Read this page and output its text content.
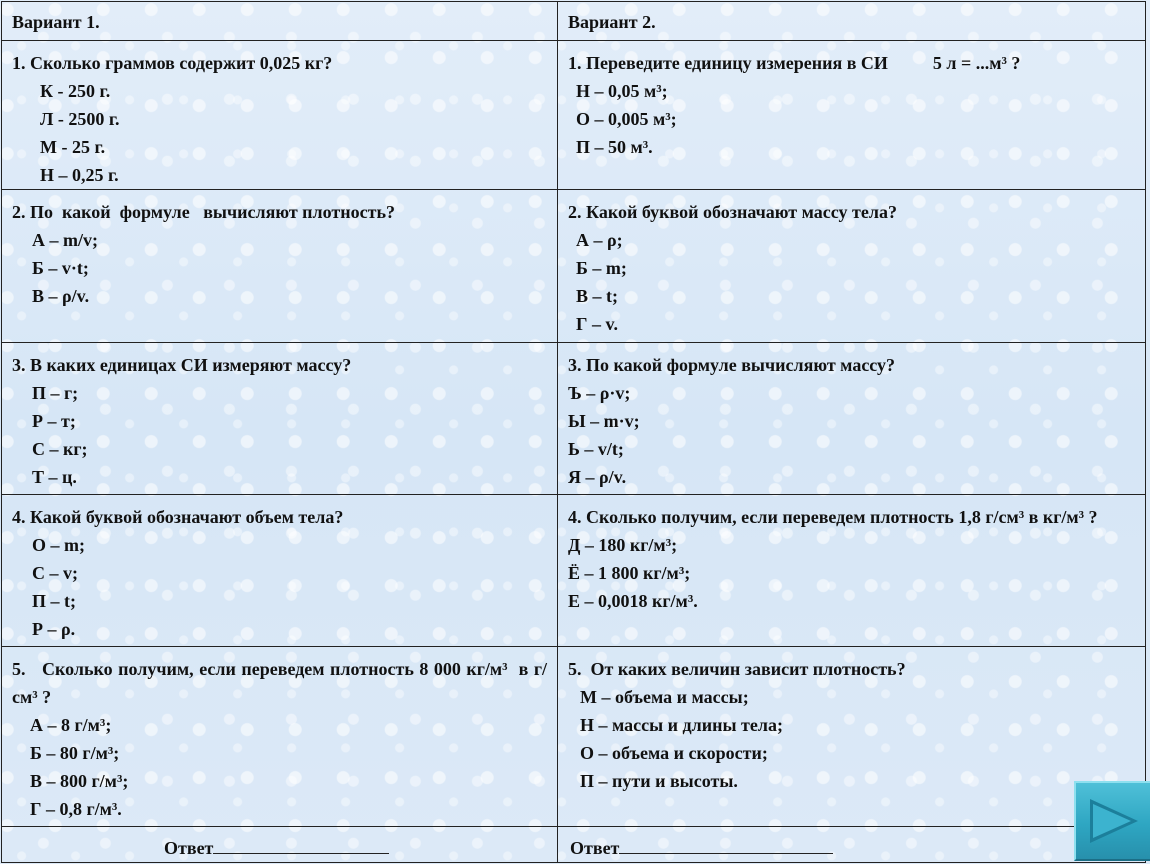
Вариант 1.	Вариант 2.
1. Сколько граммов содержит 0,025 кг?
К - 250 г.
Л - 2500 г.
М - 25 г.
Н – 0,25 г.
1. Переведите единицу измерения в СИ          5 л = ...м³ ?
Н – 0,05 м³;
О – 0,005 м³;
П – 50 м³.
2. По  какой  формуле   вычисляют плотность?
А – m/v;
Б – v·t;
В – ρ/v.
2. Какой буквой обозначают массу тела?
А – ρ;
Б – m;
В – t;
Г – v.
3. В каких единицах СИ измеряют массу?
П – г;
Р – т;
С – кг;
Т – ц.
3. По какой формуле вычисляют массу?
Ъ – ρ·v;
Ы – m·v;
Ь – v/t;
Я – ρ/v.
4. Какой буквой обозначают объем тела?
О – m;
С – v;
П – t;
Р – ρ.
4. Сколько получим, если переведем плотность 1,8 г/см³ в кг/м³ ?
Д – 180 кг/м³;
Ё – 1 800 кг/м³;
Е – 0,0018 кг/м³.
5.   Сколько получим, если переведем плотность 8 000 кг/м³  в г/см³ ?
А – 8 г/м³;
Б – 80 г/м³;
В – 800 г/м³;
Г – 0,8 г/м³.
5.  От каких величин зависит плотность?
М – объема и массы;
Н – массы и длины тела;
О – объема и скорости;
П – пути и высоты.
Ответ	Ответ
